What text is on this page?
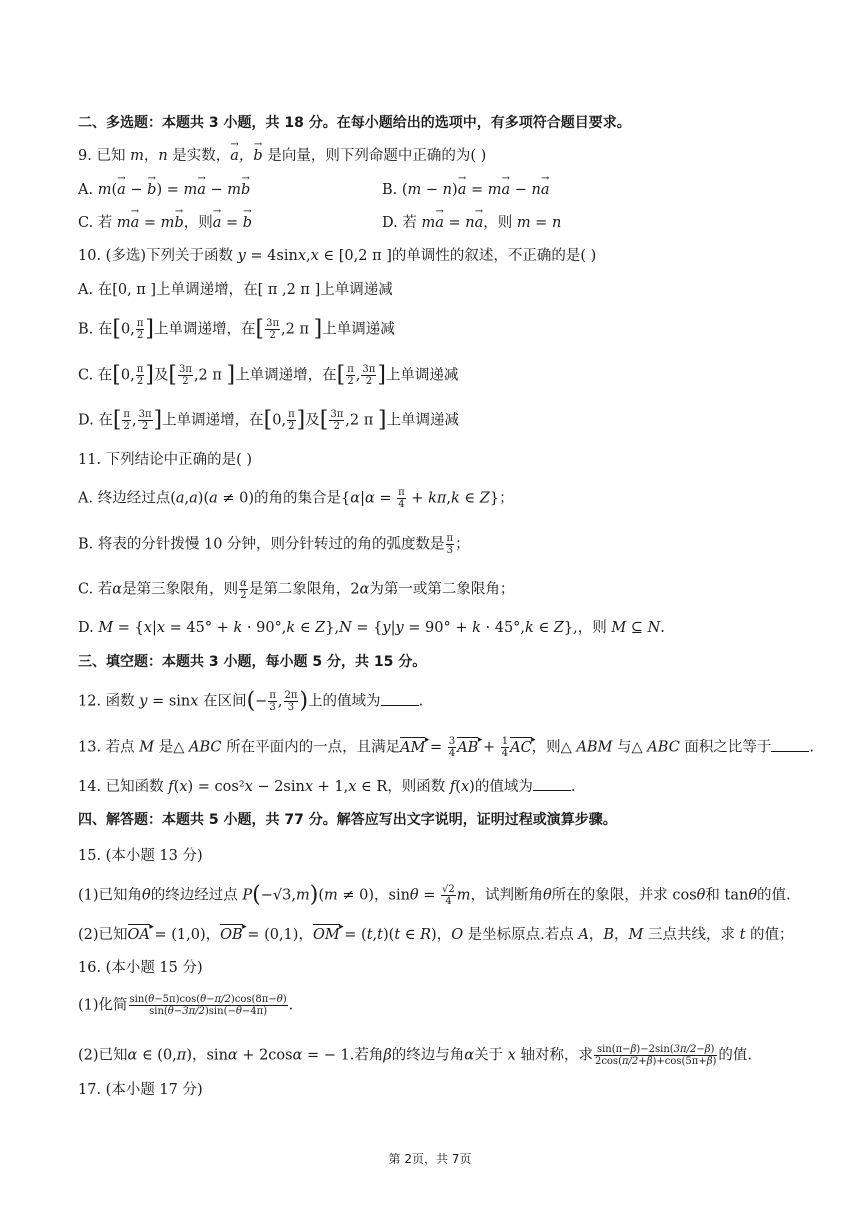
二、多选题：本题共 3 小题，共 18 分。在每小题给出的选项中，有多项符合题目要求。
9. 已知 m，n 是实数，→ a，→ b 是向量，则下列命题中正确的为( )
A. m(→ a − → b) = m→ a − m→ b	B. (m − n)→ a = m→ a − n→ a
C. 若 m→ a = m→ b，则→ a = → b	D. 若 m→ a = n→ a，则 m = n
10. (多选)下列关于函数 y = 4sinx,x ∈ [0,2 π ]的单调性的叙述，不正确的是( )
A. 在[0, π ]上单调递增，在[ π ,2 π ]上单调递减
B. 在[0, $\frac{\pi}{2}$ ]上单调递增，在[ $\frac{3\pi}{2} ,2$ π ]上单调递减
C. 在[0, $\frac{\pi}{2}$ ]及[ $\frac{3\pi}{2} ,2$ π ]上单调递增，在[ $\frac{\pi}{2}$ , $\frac{3\pi}{2}$ ]上单调递减
D. 在[ $\frac{\pi}{2}$ , $\frac{3\pi}{2}$ ]上单调递增，在[0, $\frac{\pi}{2}$ ]及[ $\frac{3\pi}{2} ,2$ π ]上单调递减
11. 下列结论中正确的是( )
A. 终边经过点(a,a)(a ≠ 0)的角的集合是{$\alpha|\alpha = \frac{\pi}{4} + k\pi,k$ ∈ Z}；
B. 将表的分针拨慢 10 分钟，则分针转过的角的弧度数是 $\frac{\pi}{3}$ ；
C. 若α是第三象限角，则 $\frac{\alpha}{2}$ 是第二象限角，2α为第一或第二象限角；
D. M = {x|x = 45° + k · 90°,k ∈ Z},N = {y|y = 90° + k · 45°,k ∈ Z},，则 M ⊆ N.
三、填空题：本题共 3 小题，每小题 5 分，共 15 分。
12. 函数 y = sinx 在区间(− $\frac{\pi}{3}$ , $\frac{2\pi}{3}$ )上的值域为	.
13. 若点 M 是△ ABC 所在平面内的一点，且满足AM ▸ = $\frac{3}{4}$ AB ▸ + $\frac{1}{4}$ AC ▸，则△ ABM 与△ ABC 面积之比等于	.
14. 已知函数 f(x) = cos²x − 2sinx + 1,x ∈ R，则函数 f(x)的值域为	.
四、解答题：本题共 5 小题，共 77 分。解答应写出文字说明，证明过程或演算步骤。
15. (本小题 13 分)
(1)已知角θ的终边经过点 P(−√3,m)(m ≠ 0)，$\sin\theta = \frac{√2}{4}$ m，试判断角θ所在的象限，并求 cosθ和 tanθ的值.
(2)已知OA ▸ = (1,0)，OB ▸ = (0,1)，OM ▸ = (t,t)(t ∈ R)，O 是坐标原点.若点 A，B，M 三点共线，求 t 的值；
16. (本小题 15 分)
(1)化简 $\frac{\sin(\theta-5\pi)\cos(\theta-\pi/2)\cos(8\pi-\theta)}{\sin(\theta-3\pi/2)\sin(-\theta-4\pi)}$ .
(2)已知α ∈ (0,π)，sinα + 2cosα = − 1.若角β的终边与角α关于 x 轴对称，求 $\frac{\sin(\pi-\beta)-2\sin(3\pi/2-\beta)}{2\cos(\pi/2+\beta)+\cos(5\pi+\beta)}$ 的值.
17. (本小题 17 分)
第 2页，共 7页
